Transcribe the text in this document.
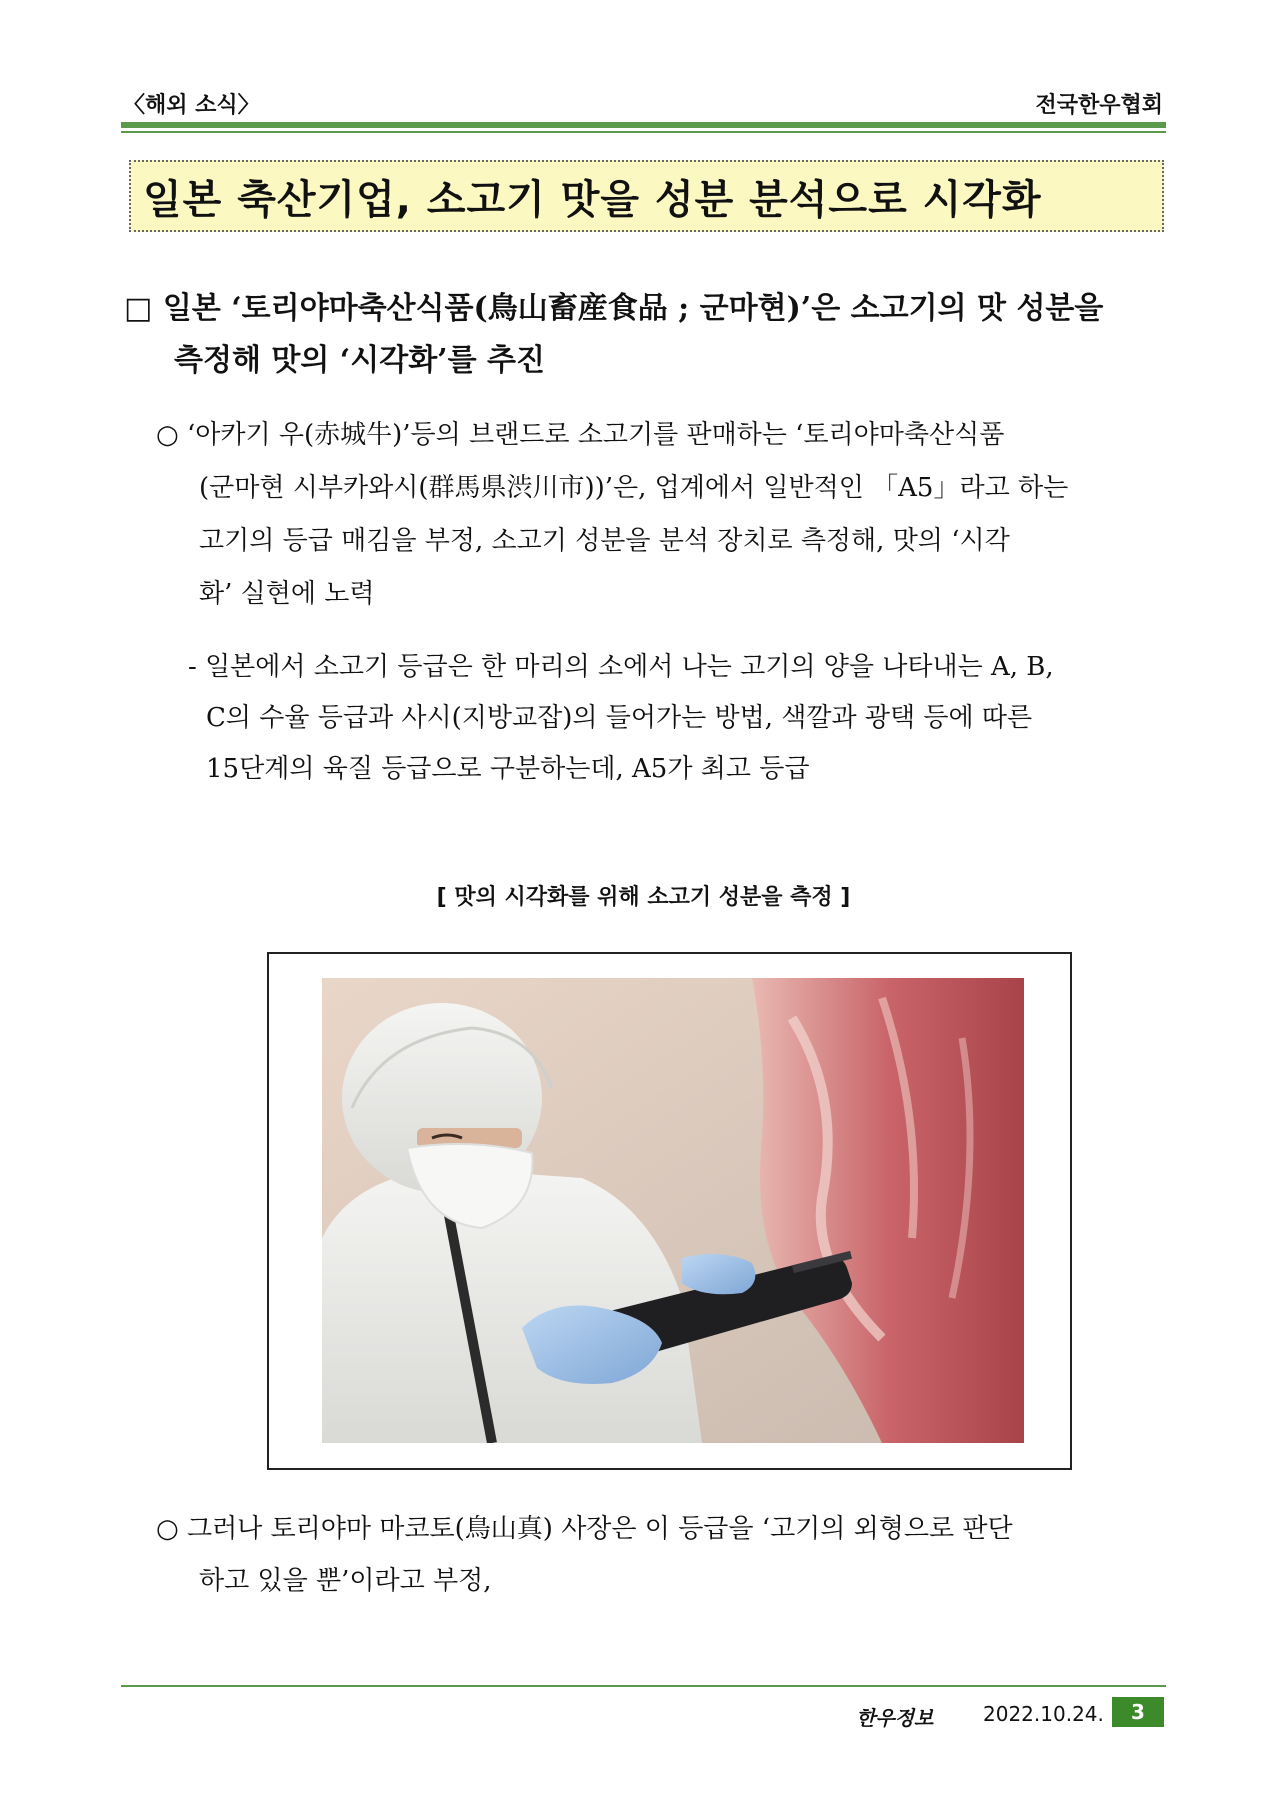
〈해외 소식〉	전국한우협회
일본 축산기업, 소고기 맛을 성분 분석으로 시각화
□ 일본 ‘토리야마축산식품(鳥山畜産食品 ; 군마현)’은 소고기의 맛 성분을
측정해 맛의 ‘시각화’를 추진
○ ‘아카기 우(赤城牛)’등의 브랜드로 소고기를 판매하는 ‘토리야마축산식품
(군마현 시부카와시(群馬県渋川市))’은, 업계에서 일반적인 「A5」라고 하는
고기의 등급 매김을 부정, 소고기 성분을 분석 장치로 측정해, 맛의 ‘시각
화’ 실현에 노력
- 일본에서 소고기 등급은 한 마리의 소에서 나는 고기의 양을 나타내는 A, B,
C의 수율 등급과 사시(지방교잡)의 들어가는 방법, 색깔과 광택 등에 따른
15단계의 육질 등급으로 구분하는데, A5가 최고 등급
[ 맛의 시각화를 위해 소고기 성분을 측정 ]
○ 그러나 토리야마 마코토(鳥山真) 사장은 이 등급을 ‘고기의 외형으로 판단
하고 있을 뿐’이라고 부정,
한우정보 2022.10.24.	3
